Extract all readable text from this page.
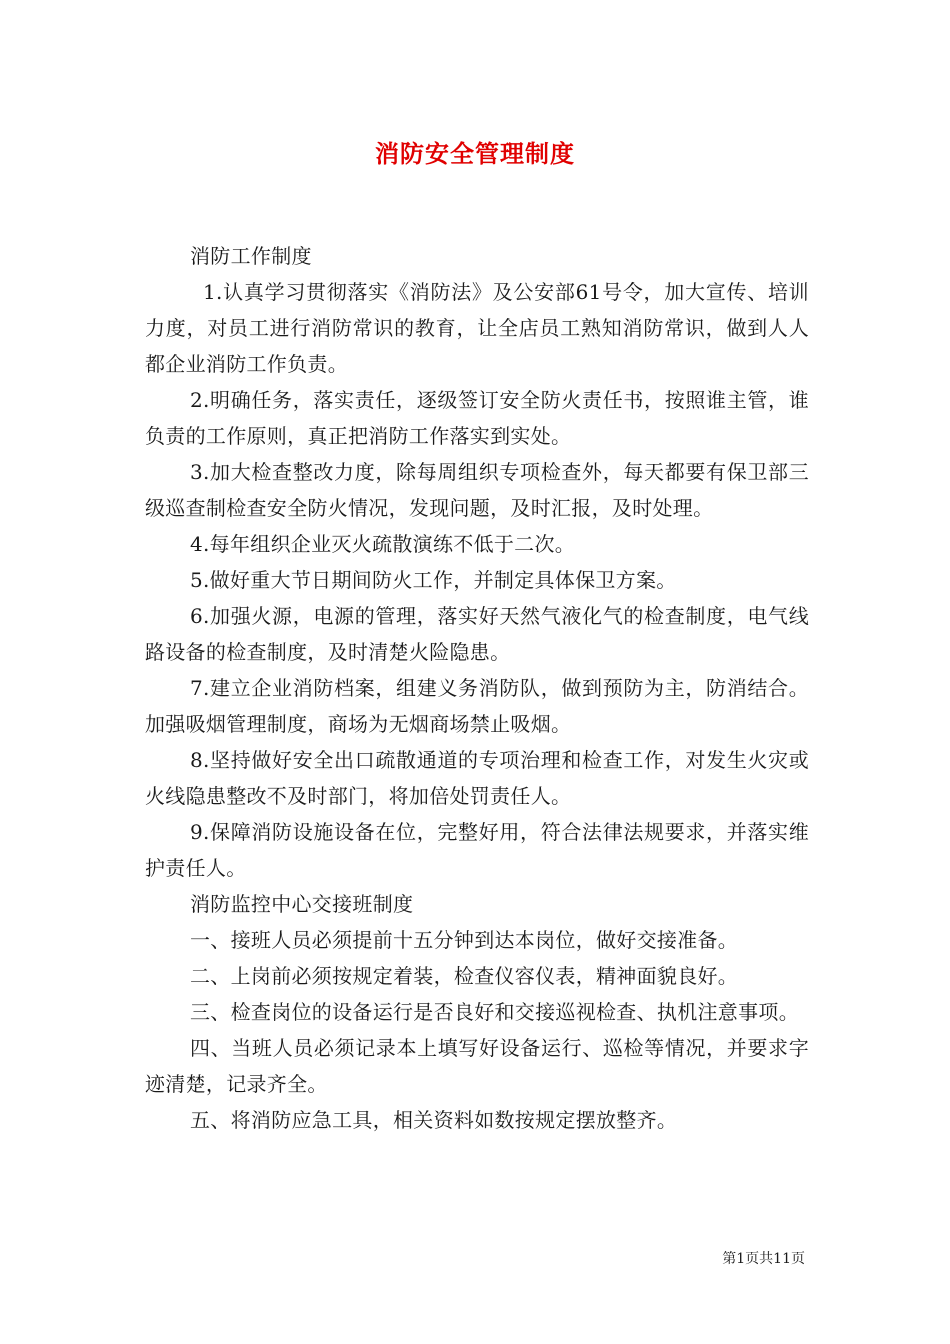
消防安全管理制度

消防工作制度

1.认真学习贯彻落实《消防法》及公安部61号令，加大宣传、培训力度，对员工进行消防常识的教育，让全店员工熟知消防常识，做到人人都企业消防工作负责。

2.明确任务，落实责任，逐级签订安全防火责任书，按照谁主管，谁负责的工作原则，真正把消防工作落实到实处。

3.加大检查整改力度，除每周组织专项检查外，每天都要有保卫部三级巡查制检查安全防火情况，发现问题，及时汇报，及时处理。

4.每年组织企业灭火疏散演练不低于二次。

5.做好重大节日期间防火工作，并制定具体保卫方案。

6.加强火源，电源的管理，落实好天然气液化气的检查制度，电气线路设备的检查制度，及时清楚火险隐患。

7.建立企业消防档案，组建义务消防队，做到预防为主，防消结合。加强吸烟管理制度，商场为无烟商场禁止吸烟。

8.坚持做好安全出口疏散通道的专项治理和检查工作，对发生火灾或火线隐患整改不及时部门，将加倍处罚责任人。

9.保障消防设施设备在位，完整好用，符合法律法规要求，并落实维护责任人。

消防监控中心交接班制度

一、接班人员必须提前十五分钟到达本岗位，做好交接准备。

二、上岗前必须按规定着装，检查仪容仪表，精神面貌良好。

三、检查岗位的设备运行是否良好和交接巡视检查、执机注意事项。

四、当班人员必须记录本上填写好设备运行、巡检等情况，并要求字迹清楚，记录齐全。

五、将消防应急工具，相关资料如数按规定摆放整齐。

第1页共11页
